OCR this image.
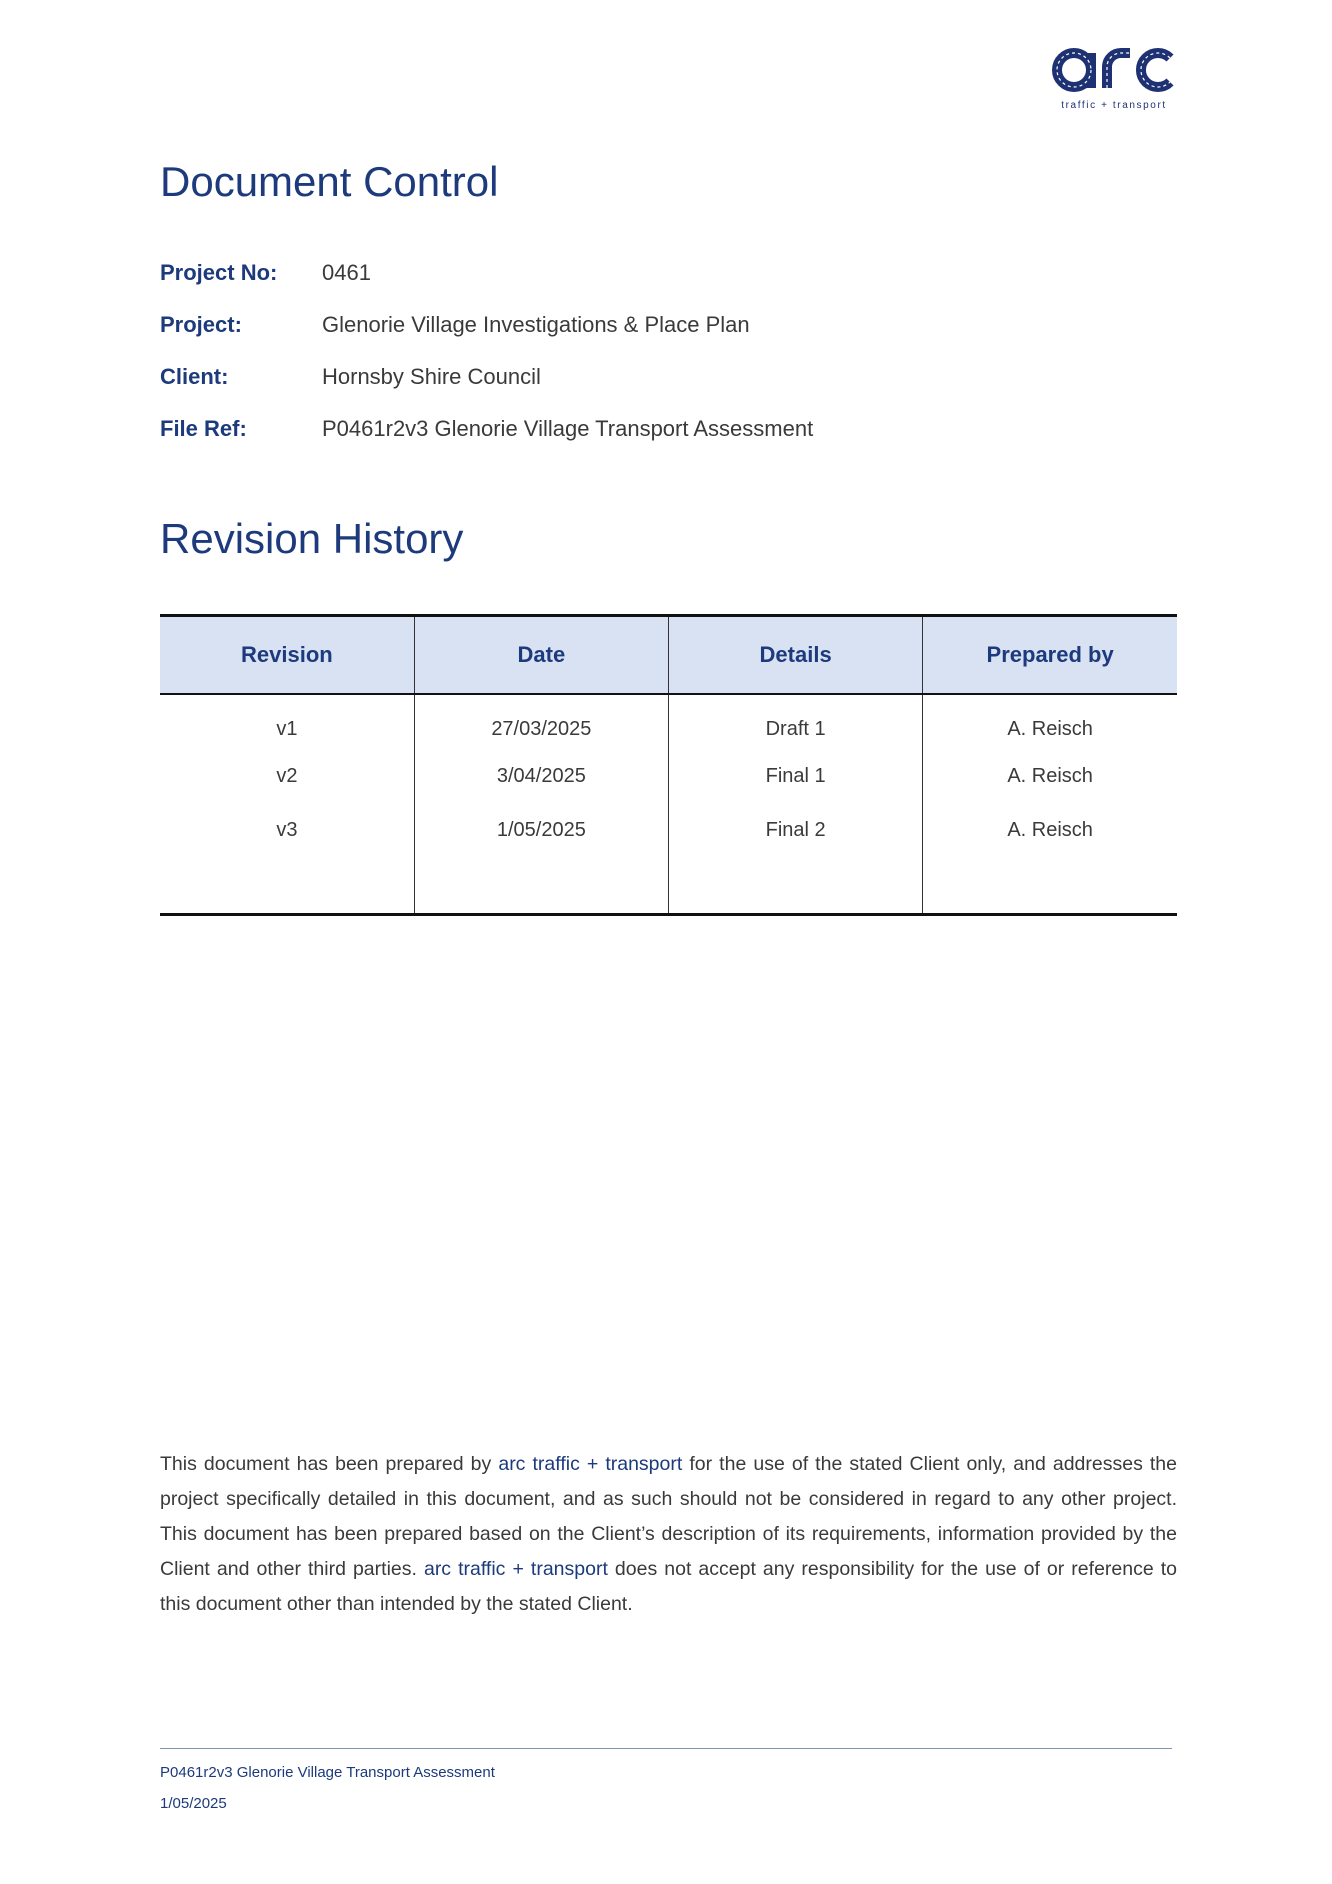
traffic + transport
Document Control
Project No: 0461
Project:	Glenorie Village Investigations & Place Plan
Client:	Hornsby Shire Council
File Ref:	P0461r2v3 Glenorie Village Transport Assessment
Revision History
Revision	Date	Details	Prepared by
v1	27/03/2025	Draft 1	A. Reisch
v2	3/04/2025	Final 1	A. Reisch
v3	1/05/2025	Final 2	A. Reisch

This document has been prepared by arc traffic + transport for the use of the stated Client only, and addresses the project specifically detailed in this document, and as such should not be considered in regard to any other project. This document has been prepared based on the Client’s description of its requirements, information provided by the Client and other third parties. arc traffic + transport does not accept any responsibility for the use of or reference to this document other than intended by the stated Client.

P0461r2v3 Glenorie Village Transport Assessment
1/05/2025
